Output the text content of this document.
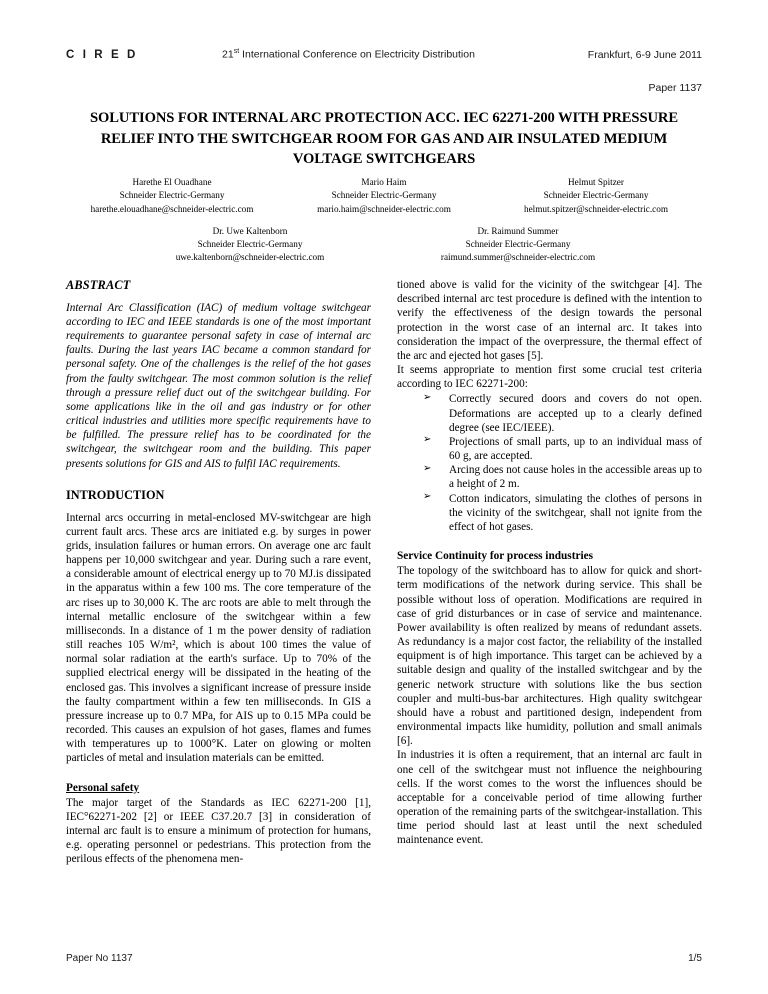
C I R E D	21st International Conference on Electricity Distribution	Frankfurt, 6-9 June 2011
Paper 1137
SOLUTIONS FOR INTERNAL ARC PROTECTION ACC. IEC 62271-200 WITH PRESSURE RELIEF INTO THE SWITCHGEAR ROOM FOR GAS AND AIR INSULATED MEDIUM VOLTAGE SWITCHGEARS
Harethe El Ouadhane
Schneider Electric-Germany
harethe.elouadhane@schneider-electric.com
Mario Haim
Schneider Electric-Germany
mario.haim@schneider-electric.com
Helmut Spitzer
Schneider Electric-Germany
helmut.spitzer@schneider-electric.com
Dr. Uwe Kaltenborn
Schneider Electric-Germany
uwe.kaltenborn@schneider-electric.com
Dr. Raimund Summer
Schneider Electric-Germany
raimund.summer@schneider-electric.com
ABSTRACT

Internal Arc Classification (IAC) of medium voltage switchgear according to IEC and IEEE standards is one of the most important requirements to guarantee personal safety in case of internal arc faults. During the last years IAC became a common standard for personal safety. One of the challenges is the relief of the hot gases from the faulty switchgear. The most common solution is the relief through a pressure relief duct out of the switchgear building. For some applications like in the oil and gas industry or for other critical industries and utilities more specific requirements have to be fulfilled. The pressure relief has to be coordinated for the switchgear, the switchgear room and the building. This paper presents solutions for GIS and AIS to fulfil IAC requirements.

INTRODUCTION

Internal arcs occurring in metal-enclosed MV-switchgear are high current fault arcs. These arcs are initiated e.g. by surges in power grids, insulation failures or human errors. On average one arc fault happens per 10,000 switchgear and year. During such a rare event, a considerable amount of electrical energy up to 70 MJ.is dissipated in the apparatus within a few 100 ms. The core temperature of the arc rises up to 30,000 K. The arc roots are able to melt through the internal metallic enclosure of the switchgear within a few milliseconds. In a distance of 1 m the power density of radiation still reaches 105 W/m², which is about 100 times the value of normal solar radiation at the earth's surface. Up to 70% of the supplied electrical energy will be dissipated in the heating of the enclosed gas. This involves a significant increase of pressure inside the faulty compartment within a few ten milliseconds. In GIS a pressure increase up to 0.7 MPa, for AIS up to 0.15 MPa could be recorded. This causes an expulsion of hot gases, flames and fumes with temperatures up to 1000°K. Later on glowing or molten particles of metal and insulation materials can be emitted.

Personal safety

The major target of the Standards as IEC 62271-200 [1], IEC°62271-202 [2] or IEEE C37.20.7 [3] in consideration of internal arc fault is to ensure a minimum of protection for humans, e.g. operating personnel or pedestrians. This protection from the perilous effects of the phenomena men-

tioned above is valid for the vicinity of the switchgear [4]. The described internal arc test procedure is defined with the intention to verify the effectiveness of the design towards the personal protection in the worst case of an internal arc. It takes into consideration the impact of the overpressure, the thermal effect of the arc and ejected hot gases [5].

It seems appropriate to mention first some crucial test criteria according to IEC 62271-200:

➢ Correctly secured doors and covers do not open. Deformations are accepted up to a clearly defined degree (see IEC/IEEE).
➢ Projections of small parts, up to an individual mass of 60 g, are accepted.
➢ Arcing does not cause holes in the accessible areas up to a height of 2 m.
➢ Cotton indicators, simulating the clothes of persons in the vicinity of the switchgear, shall not ignite from the effect of hot gases.
Service Continuity for process industries

The topology of the switchboard has to allow for quick and short-term modifications of the network during service. This shall be possible without loss of operation. Modifications are required in case of grid disturbances or in case of service and maintenance. Power availability is often realized by means of redundant assets. As redundancy is a major cost factor, the reliability of the installed equipment is of high importance. This target can be achieved by a suitable design and quality of the installed switchgear and by the generic network structure with solutions like the bus section coupler and multi-bus-bar architectures. High quality switchgear should have a robust and partitioned design, independent from environmental impacts like humidity, pollution and small animals [6].

In industries it is often a requirement, that an internal arc fault in one cell of the switchgear must not influence the neighbouring cells. If the worst comes to the worst the influences should be acceptable for a conceivable period of time allowing further operation of the remaining parts of the switchgear-installation. This time period should last at least until the next scheduled maintenance event.

Paper No 1137	1/5
